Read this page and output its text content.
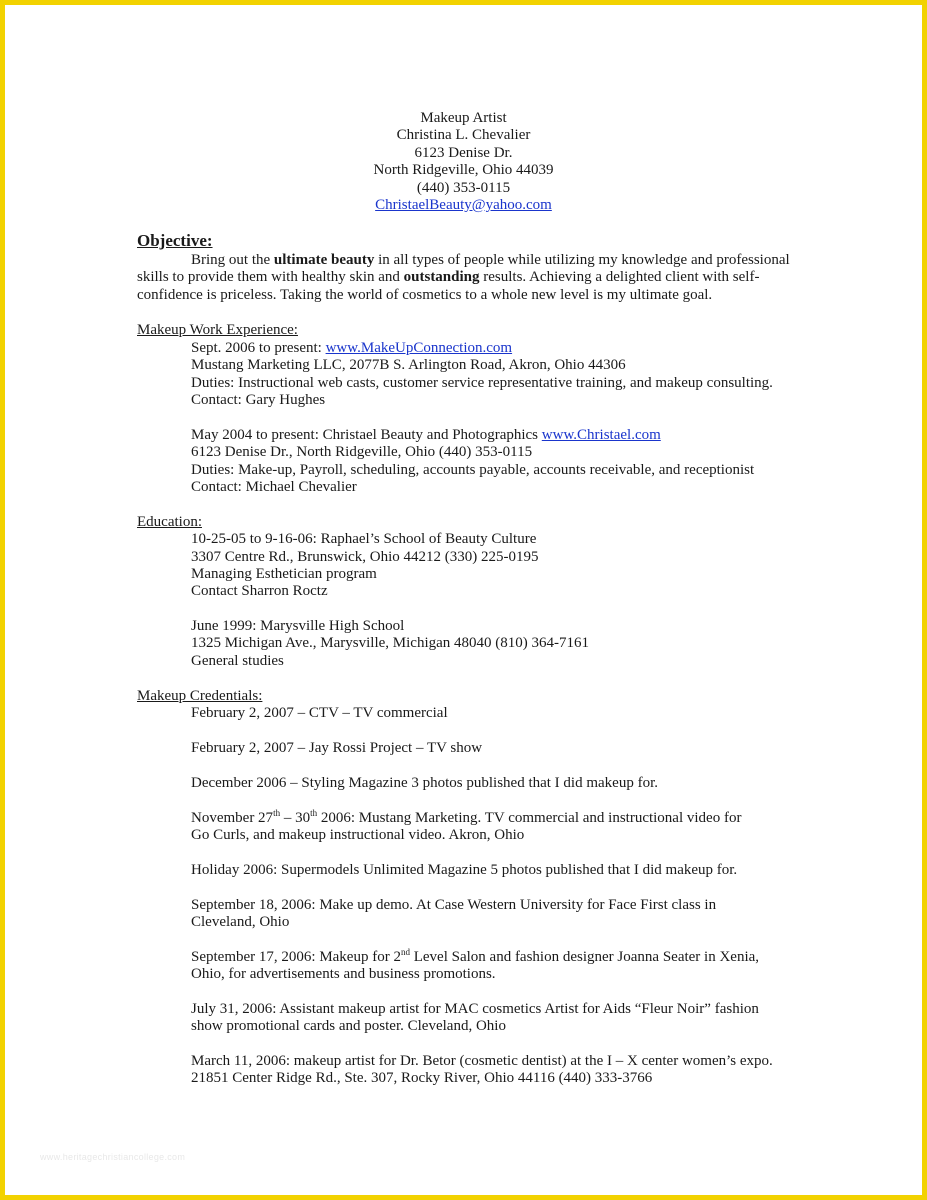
Makeup Artist
Christina L. Chevalier
6123 Denise Dr.
North Ridgeville, Ohio 44039
(440) 353-0115
ChristaelBeauty@yahoo.com
Objective:

Bring out the ultimate beauty in all types of people while utilizing my knowledge and professional

skills to provide them with healthy skin and outstanding results. Achieving a delighted client with self-

confidence is priceless. Taking the world of cosmetics to a whole new level is my ultimate goal.

Makeup Work Experience:
Sept. 2006 to present: www.MakeUpConnection.com
Mustang Marketing LLC, 2077B S. Arlington Road, Akron, Ohio 44306
Duties: Instructional web casts, customer service representative training, and makeup consulting.
Contact: Gary Hughes
May 2004 to present: Christael Beauty and Photographics www.Christael.com
6123 Denise Dr., North Ridgeville, Ohio (440) 353-0115
Duties: Make-up, Payroll, scheduling, accounts payable, accounts receivable, and receptionist
Contact: Michael Chevalier
Education:
10-25-05 to 9-16-06: Raphael’s School of Beauty Culture
3307 Centre Rd., Brunswick, Ohio 44212 (330) 225-0195
Managing Esthetician program
Contact Sharron Roctz
June 1999: Marysville High School
1325 Michigan Ave., Marysville, Michigan 48040 (810) 364-7161
General studies
Makeup Credentials:
February 2, 2007 – CTV – TV commercial
February 2, 2007 – Jay Rossi Project – TV show
December 2006 – Styling Magazine 3 photos published that I did makeup for.
November 27th – 30th 2006: Mustang Marketing. TV commercial and instructional video for
Go Curls, and makeup instructional video. Akron, Ohio
Holiday 2006: Supermodels Unlimited Magazine 5 photos published that I did makeup for.
September 18, 2006: Make up demo. At Case Western University for Face First class in
Cleveland, Ohio
September 17, 2006: Makeup for 2nd Level Salon and fashion designer Joanna Seater in Xenia,
Ohio, for advertisements and business promotions.
July 31, 2006: Assistant makeup artist for MAC cosmetics Artist for Aids “Fleur Noir” fashion
show promotional cards and poster. Cleveland, Ohio
March 11, 2006: makeup artist for Dr. Betor (cosmetic dentist) at the I – X center women’s expo.
21851 Center Ridge Rd., Ste. 307, Rocky River, Ohio 44116 (440) 333-3766
www.heritagechristiancollege.com
